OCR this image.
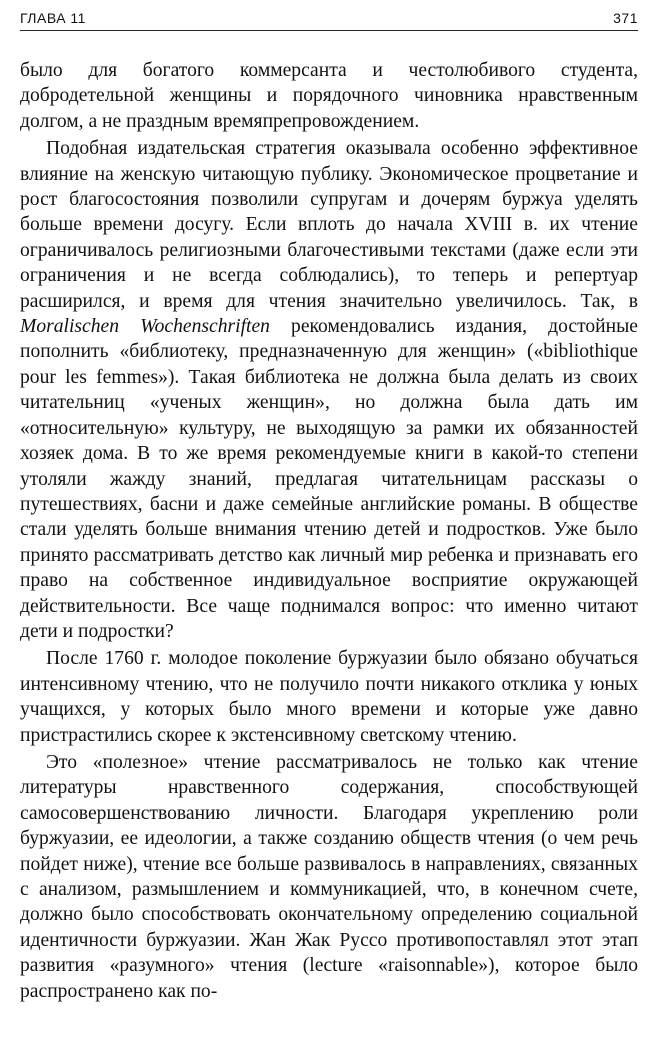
ГЛАВА 11	371

было для богатого коммерсанта и честолюбивого студента, добродетельной женщины и порядочного чиновника нравственным долгом, а не праздным времяпрепровождением.

Подобная издательская стратегия оказывала особенно эффективное влияние на женскую читающую публику. Экономическое процветание и рост благосостояния позволили супругам и дочерям буржуа уделять больше времени досугу. Если вплоть до начала XVIII в. их чтение ограничивалось религиозными благочестивыми текстами (даже если эти ограничения и не всегда соблюдались), то теперь и репертуар расширился, и время для чтения значительно увеличилось. Так, в Moralischen Wochenschriften рекомендовались издания, достойные пополнить «библиотеку, предназначенную для женщин» («bibliothique pour les femmes»). Такая библиотека не должна была делать из своих читательниц «ученых женщин», но должна была дать им «относительную» культуру, не выходящую за рамки их обязанностей хозяек дома. В то же время рекомендуемые книги в какой-то степени утоляли жажду знаний, предлагая читательницам рассказы о путешествиях, басни и даже семейные английские романы. В обществе стали уделять больше внимания чтению детей и подростков. Уже было принято рассматривать детство как личный мир ребенка и признавать его право на собственное индивидуальное восприятие окружающей действительности. Все чаще поднимался вопрос: что именно читают дети и подростки?

После 1760 г. молодое поколение буржуазии было обязано обучаться интенсивному чтению, что не получило почти никакого отклика у юных учащихся, у которых было много времени и которые уже давно пристрастились скорее к экстенсивному светскому чтению.

Это «полезное» чтение рассматривалось не только как чтение литературы нравственного содержания, способствующей самосовершенствованию личности. Благодаря укреплению роли буржуазии, ее идеологии, а также созданию обществ чтения (о чем речь пойдет ниже), чтение все больше развивалось в направлениях, связанных с анализом, размышлением и коммуникацией, что, в конечном счете, должно было способствовать окончательному определению социальной идентичности буржуазии. Жан Жак Руссо противопоставлял этот этап развития «разумного» чтения (lecture «raisonnable»), которое было распространено как по-
